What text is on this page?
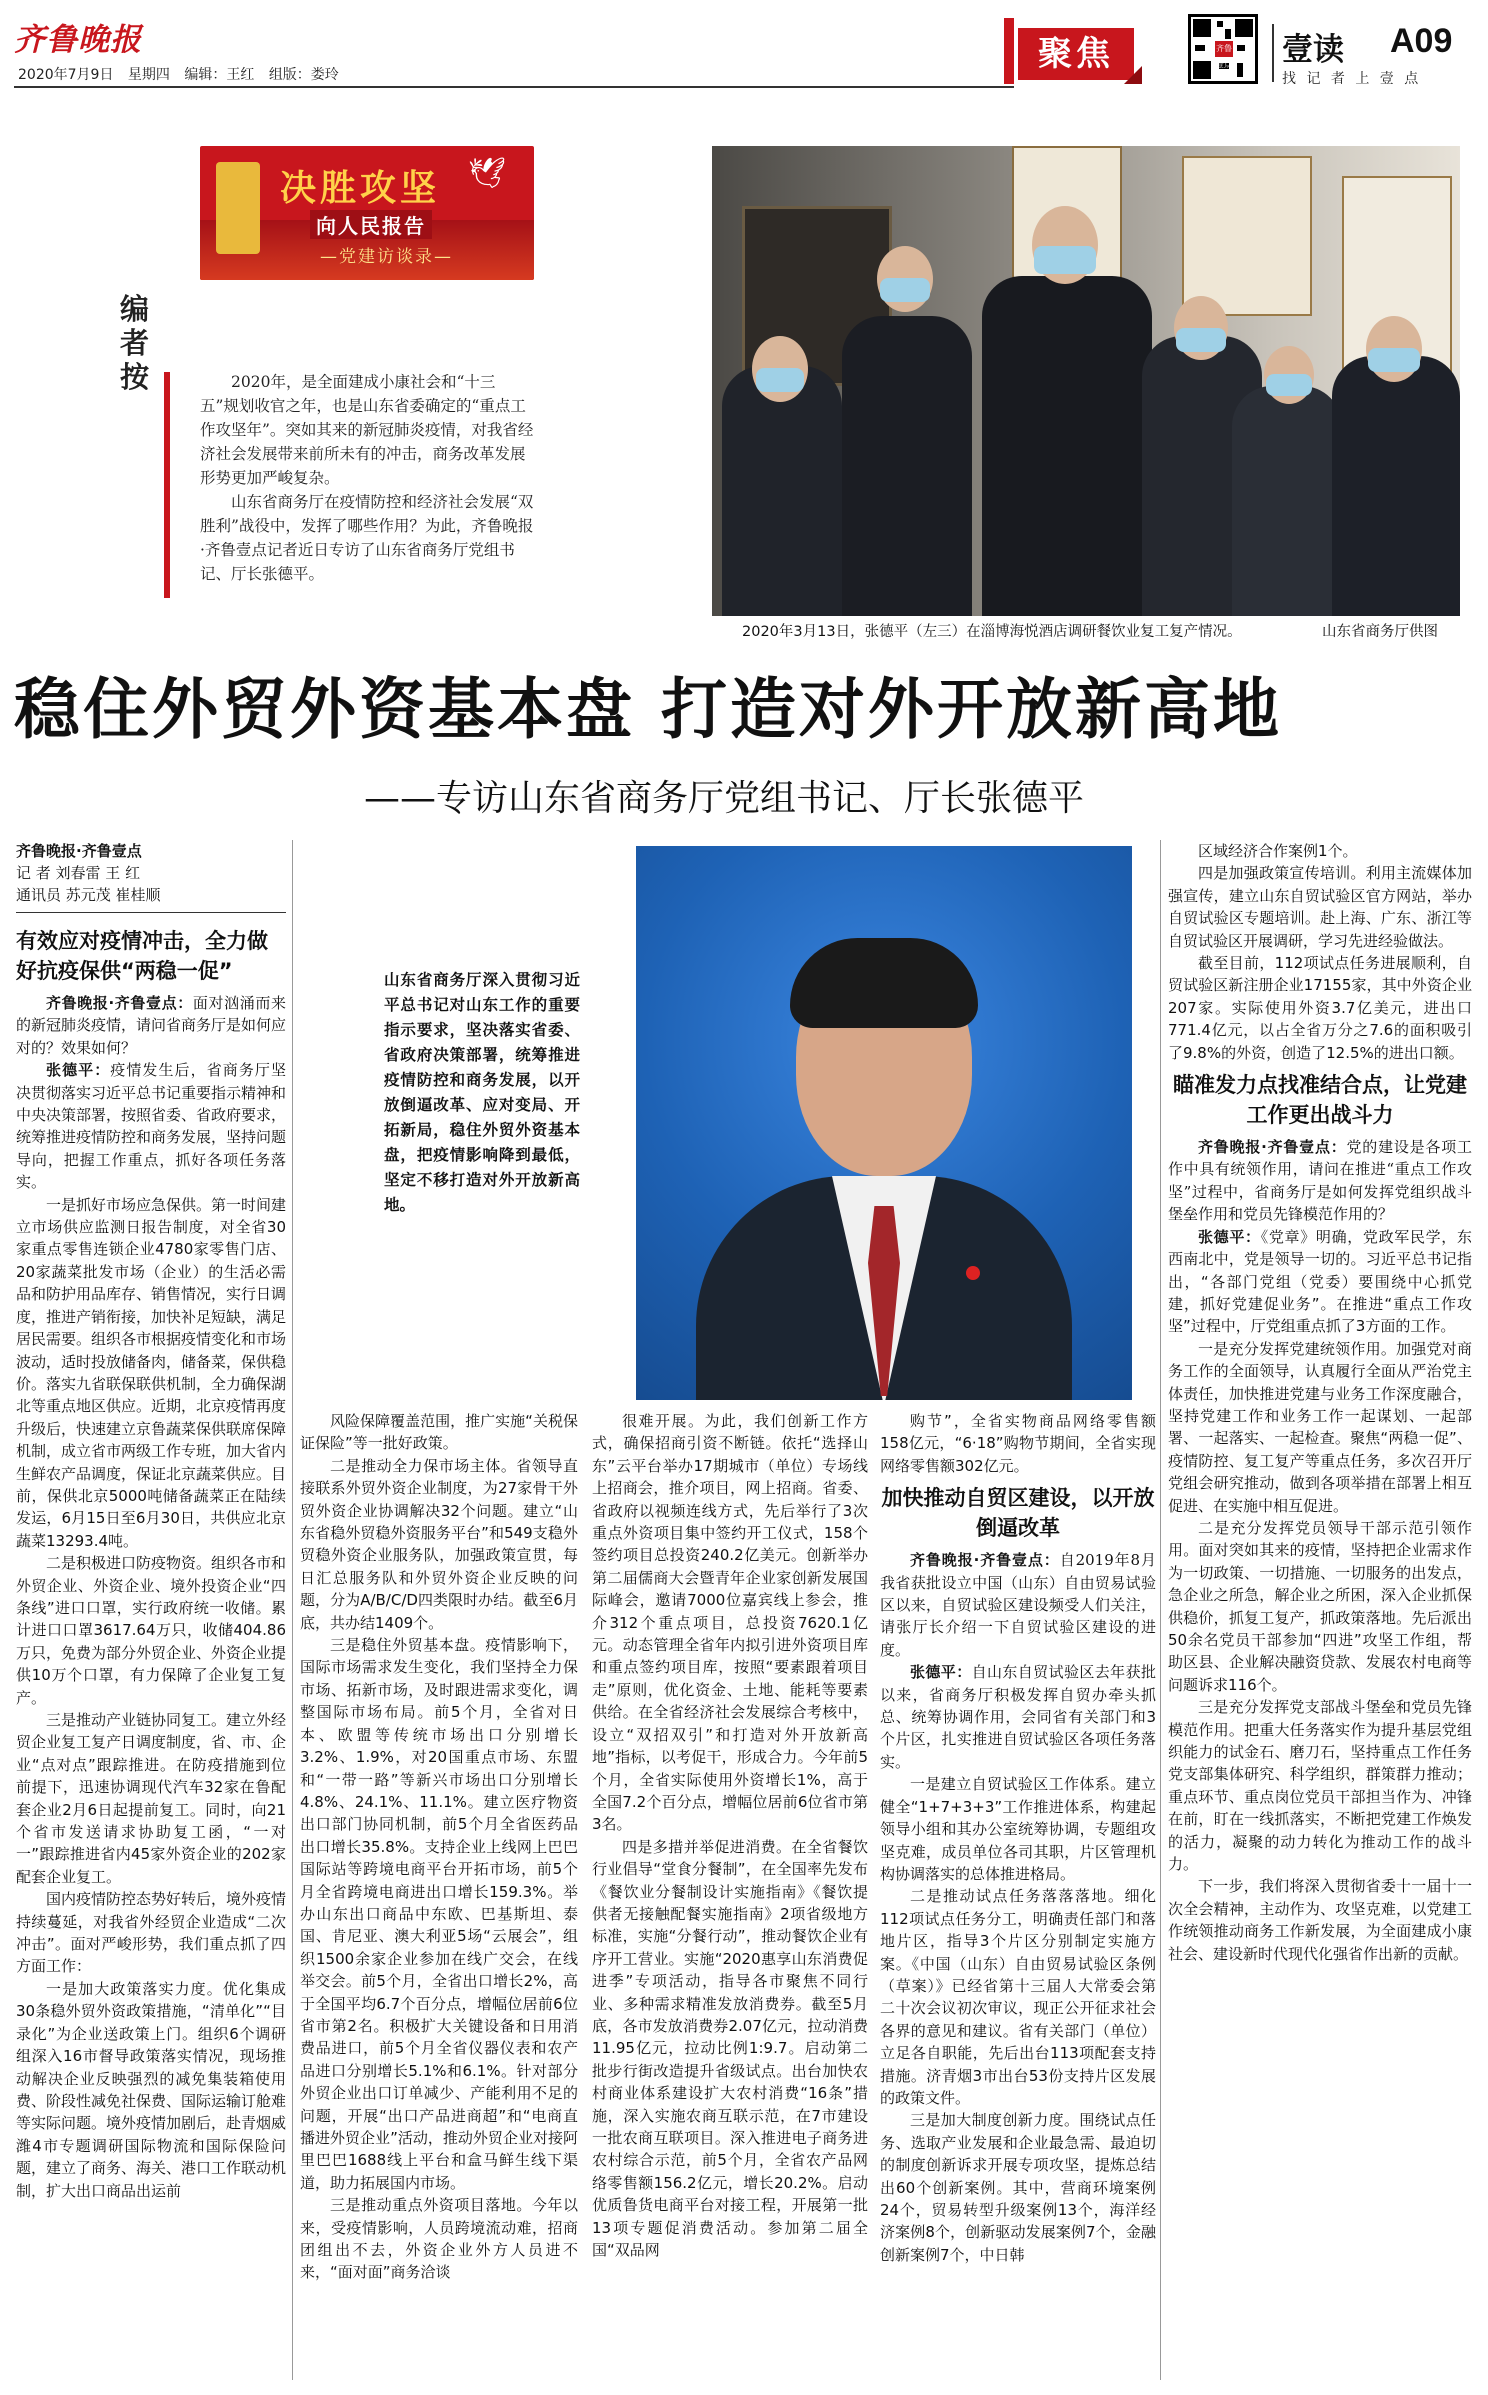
齐鲁晚报
2020年7月9日 星期四 编辑：王红 组版：娄玲
聚焦	齐鲁壹点 壹读 A09
找 记 者 上 壹 点
🕊
决胜攻坚
向人民报告
—党建访谈录—
编者按	2020年，是全面建成小康社会和“十三五”规划收官之年，也是山东省委确定的“重点工作攻坚年”。突如其来的新冠肺炎疫情，对我省经济社会发展带来前所未有的冲击，商务改革发展形势更加严峻复杂。

山东省商务厅在疫情防控和经济社会发展“双胜利”战役中，发挥了哪些作用？为此，齐鲁晚报·齐鲁壹点记者近日专访了山东省商务厅党组书记、厅长张德平。

2020年3月13日，张德平（左三）在淄博海悦酒店调研餐饮业复工复产情况。	山东省商务厅供图
稳住外贸外资基本盘 打造对外开放新高地
——专访山东省商务厅党组书记、厅长张德平
齐鲁晚报·齐鲁壹点
记 者 刘春雷 王 红
通讯员 苏元茂 崔桂顺
山东省商务厅深入贯彻习近平总书记对山东工作的重要指示要求，坚决落实省委、省政府决策部署，统筹推进疫情防控和商务发展，以开放倒逼改革、应对变局、开拓新局，稳住外贸外资基本盘，把疫情影响降到最低，坚定不移打造对外开放新高地。
有效应对疫情冲击，全力做好抗疫保供“两稳一促”

齐鲁晚报·齐鲁壹点：面对汹涌而来的新冠肺炎疫情，请问省商务厅是如何应对的？效果如何？

张德平：疫情发生后，省商务厅坚决贯彻落实习近平总书记重要指示精神和中央决策部署，按照省委、省政府要求，统筹推进疫情防控和商务发展，坚持问题导向，把握工作重点，抓好各项任务落实。

一是抓好市场应急保供。第一时间建立市场供应监测日报告制度，对全省30家重点零售连锁企业4780家零售门店、20家蔬菜批发市场（企业）的生活必需品和防护用品库存、销售情况，实行日调度，推进产销衔接，加快补足短缺，满足居民需要。组织各市根据疫情变化和市场波动，适时投放储备肉，储备菜，保供稳价。落实九省联保联供机制，全力确保湖北等重点地区供应。近期，北京疫情再度升级后，快速建立京鲁蔬菜保供联席保障机制，成立省市两级工作专班，加大省内生鲜农产品调度，保证北京蔬菜供应。目前，保供北京5000吨储备蔬菜正在陆续发运，6月15日至6月30日，共供应北京蔬菜13293.4吨。

二是积极进口防疫物资。组织各市和外贸企业、外资企业、境外投资企业“四条线”进口口罩，实行政府统一收储。累计进口口罩3617.64万只，收储404.86万只，免费为部分外贸企业、外资企业提供10万个口罩，有力保障了企业复工复产。

三是推动产业链协同复工。建立外经贸企业复工复产日调度制度，省、市、企业“点对点”跟踪推进。在防疫措施到位前提下，迅速协调现代汽车32家在鲁配套企业2月6日起提前复工。同时，向21个省市发送请求协助复工函，“一对一”跟踪推进省内45家外资企业的202家配套企业复工。

国内疫情防控态势好转后，境外疫情持续蔓延，对我省外经贸企业造成“二次冲击”。面对严峻形势，我们重点抓了四方面工作：

一是加大政策落实力度。优化集成30条稳外贸外资政策措施，“清单化”“目录化”为企业送政策上门。组织6个调研组深入16市督导政策落实情况，现场推动解决企业反映强烈的减免集装箱使用费、阶段性减免社保费、国际运输订舱难等实际问题。境外疫情加剧后，赴青烟威潍4市专题调研国际物流和国际保险问题，建立了商务、海关、港口工作联动机制，扩大出口商品出运前

风险保障覆盖范围，推广实施“关税保证保险”等一批好政策。

二是推动全力保市场主体。省领导直接联系外贸外资企业制度，为27家骨干外贸外资企业协调解决32个问题。建立“山东省稳外贸稳外资服务平台”和549支稳外贸稳外资企业服务队，加强政策宣贯，每日汇总服务队和外贸外资企业反映的问题，分为A/B/C/D四类限时办结。截至6月底，共办结1409个。

三是稳住外贸基本盘。疫情影响下，国际市场需求发生变化，我们坚持全力保市场、拓新市场，及时跟进需求变化，调整国际市场布局。前5个月，全省对日本、欧盟等传统市场出口分别增长3.2%、1.9%，对20国重点市场、东盟和“一带一路”等新兴市场出口分别增长4.8%、24.1%、11.1%。建立医疗物资出口部门协同机制，前5个月全省医药品出口增长35.8%。支持企业上线网上巴巴国际站等跨境电商平台开拓市场，前5个月全省跨境电商进出口增长159.3%。举办山东出口商品中东欧、巴基斯坦、泰国、肯尼亚、澳大利亚5场“云展会”，组织1500余家企业参加在线广交会，在线举交会。前5个月，全省出口增长2%，高于全国平均6.7个百分点，增幅位居前6位省市第2名。积极扩大关键设备和日用消费品进口，前5个月全省仪器仪表和农产品进口分别增长5.1%和6.1%。针对部分外贸企业出口订单减少、产能利用不足的问题，开展“出口产品进商超”和“电商直播进外贸企业”活动，推动外贸企业对接阿里巴巴1688线上平台和盒马鲜生线下渠道，助力拓展国内市场。

三是推动重点外资项目落地。今年以来，受疫情影响，人员跨境流动难，招商团组出不去，外资企业外方人员进不来，“面对面”商务洽谈

很难开展。为此，我们创新工作方式，确保招商引资不断链。依托“选择山东”云平台举办17期城市（单位）专场线上招商会，推介项目，网上招商。省委、省政府以视频连线方式，先后举行了3次重点外资项目集中签约开工仪式，158个签约项目总投资240.2亿美元。创新举办第二届儒商大会暨青年企业家创新发展国际峰会，邀请7000位嘉宾线上参会，推介312个重点项目，总投资7620.1亿元。动态管理全省年内拟引进外资项目库和重点签约项目库，按照“要素跟着项目走”原则，优化资金、土地、能耗等要素供给。在全省经济社会发展综合考核中，设立“双招双引”和打造对外开放新高地”指标，以考促干，形成合力。今年前5个月，全省实际使用外资增长1%，高于全国7.2个百分点，增幅位居前6位省市第3名。

四是多措并举促进消费。在全省餐饮行业倡导“堂食分餐制”，在全国率先发布《餐饮业分餐制设计实施指南》《餐饮提供者无接触配餐实施指南》2项省级地方标准，实施“分餐行动”，推动餐饮企业有序开工营业。实施“2020惠享山东消费促进季”专项活动，指导各市聚焦不同行业、多种需求精准发放消费券。截至5月底，各市发放消费券2.07亿元，拉动消费11.95亿元，拉动比例1:9.7。启动第二批步行街改造提升省级试点。出台加快农村商业体系建设扩大农村消费“16条”措施，深入实施农商互联示范，在7市建设一批农商互联项目。深入推进电子商务进农村综合示范，前5个月，全省农产品网络零售额156.2亿元，增长20.2%。启动优质鲁货电商平台对接工程，开展第一批13项专题促消费活动。参加第二届全国“双品网

购节”，全省实物商品网络零售额158亿元，“6·18”购物节期间，全省实现网络零售额302亿元。

加快推动自贸区建设，以开放倒逼改革

齐鲁晚报·齐鲁壹点：自2019年8月我省获批设立中国（山东）自由贸易试验区以来，自贸试验区建设频受人们关注，请张厅长介绍一下自贸试验区建设的进度。

张德平：自山东自贸试验区去年获批以来，省商务厅积极发挥自贸办牵头抓总、统筹协调作用，会同省有关部门和3个片区，扎实推进自贸试验区各项任务落实。

一是建立自贸试验区工作体系。建立健全“1+7+3+3”工作推进体系，构建起领导小组和其办公室统筹协调，专题组攻坚克难，成员单位各司其职，片区管理机构协调落实的总体推进格局。

二是推动试点任务落落落地。细化112项试点任务分工，明确责任部门和落地片区，指导3个片区分别制定实施方案。《中国（山东）自由贸易试验区条例（草案）》已经省第十三届人大常委会第二十次会议初次审议，现正公开征求社会各界的意见和建议。省有关部门（单位）立足各自职能，先后出台113项配套支持措施。济青烟3市出台53份支持片区发展的政策文件。

三是加大制度创新力度。围绕试点任务、选取产业发展和企业最急需、最迫切的制度创新诉求开展专项攻坚，提炼总结出60个创新案例。其中，营商环境案例24个，贸易转型升级案例13个，海洋经济案例8个，创新驱动发展案例7个，金融创新案例7个，中日韩

区域经济合作案例1个。

四是加强政策宣传培训。利用主流媒体加强宣传，建立山东自贸试验区官方网站，举办自贸试验区专题培训。赴上海、广东、浙江等自贸试验区开展调研，学习先进经验做法。

截至目前，112项试点任务进展顺利，自贸试验区新注册企业17155家，其中外资企业207家。实际使用外资3.7亿美元，进出口771.4亿元，以占全省万分之7.6的面积吸引了9.8%的外资，创造了12.5%的进出口额。

瞄准发力点找准结合点，让党建工作更出战斗力

齐鲁晚报·齐鲁壹点：党的建设是各项工作中具有统领作用，请问在推进“重点工作攻坚”过程中，省商务厅是如何发挥党组织战斗堡垒作用和党员先锋模范作用的？

张德平：《党章》明确，党政军民学，东西南北中，党是领导一切的。习近平总书记指出，“各部门党组（党委）要围绕中心抓党建，抓好党建促业务”。在推进“重点工作攻坚”过程中，厅党组重点抓了3方面的工作。

一是充分发挥党建统领作用。加强党对商务工作的全面领导，认真履行全面从严治党主体责任，加快推进党建与业务工作深度融合，坚持党建工作和业务工作一起谋划、一起部署、一起落实、一起检查。聚焦“两稳一促”、疫情防控、复工复产等重点任务，多次召开厅党组会研究推动，做到各项举措在部署上相互促进、在实施中相互促进。

二是充分发挥党员领导干部示范引领作用。面对突如其来的疫情，坚持把企业需求作为一切政策、一切措施、一切服务的出发点，急企业之所急，解企业之所困，深入企业抓保供稳价，抓复工复产，抓政策落地。先后派出50余名党员干部参加“四进”攻坚工作组，帮助区县、企业解决融资贷款、发展农村电商等问题诉求116个。

三是充分发挥党支部战斗堡垒和党员先锋模范作用。把重大任务落实作为提升基层党组织能力的试金石、磨刀石，坚持重点工作任务党支部集体研究、科学组织，群策群力推动；重点环节、重点岗位党员干部担当作为、冲锋在前，盯在一线抓落实，不断把党建工作焕发的活力，凝聚的动力转化为推动工作的战斗力。

下一步，我们将深入贯彻省委十一届十一次全会精神，主动作为、攻坚克难，以党建工作统领推动商务工作新发展，为全面建成小康社会、建设新时代现代化强省作出新的贡献。
